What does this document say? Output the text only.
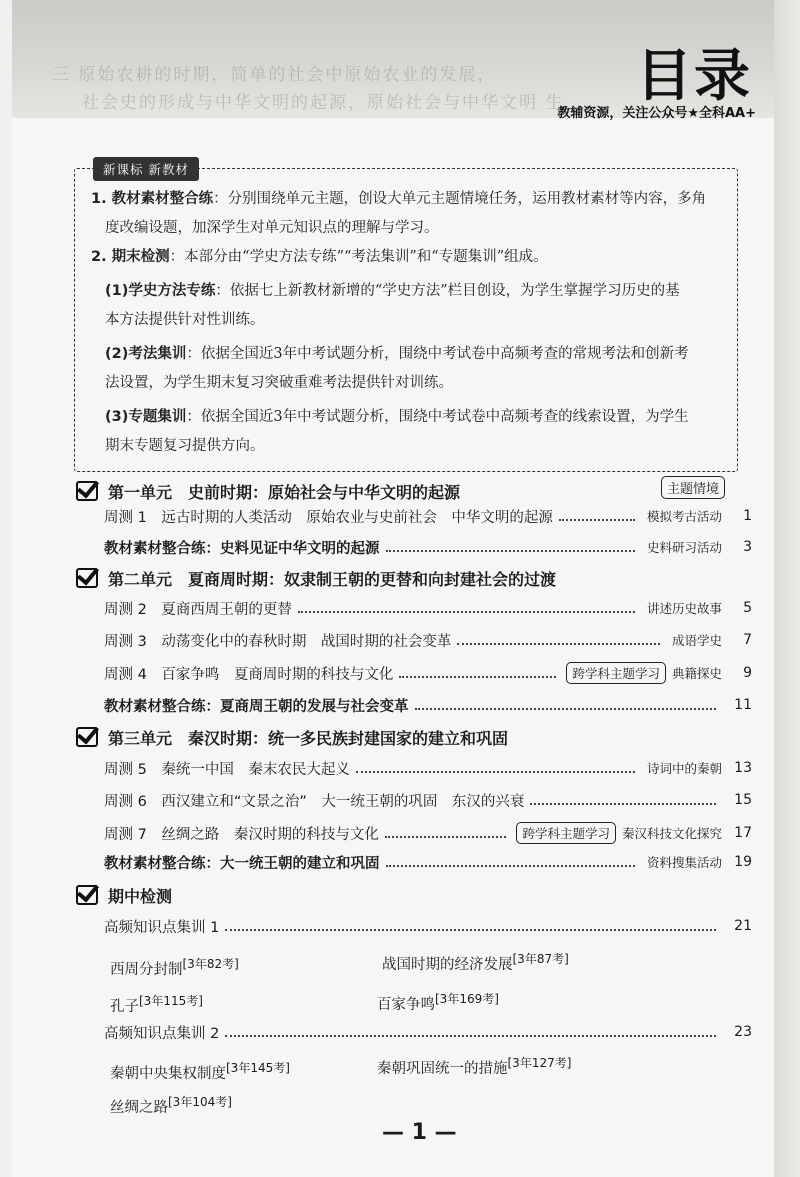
三 原始农耕的时期，简单的社会中原始农业的发展，
社会史的形成与中华文明的起源，原始社会与中华文明 生 目录
教辅资源，关注公众号★全科AA+
新课标 新教材
1. 教材素材整合练：分别围绕单元主题，创设大单元主题情境任务，运用教材素材等内容，多角
度改编设题，加深学生对单元知识点的理解与学习。
2. 期末检测：本部分由“学史方法专练”“考法集训”和“专题集训”组成。
(1)学史方法专练：依据七上新教材新增的“学史方法”栏目创设，为学生掌握学习历史的基
本方法提供针对性训练。
(2)考法集训：依据全国近3年中考试题分析，围绕中考试卷中高频考查的常规考法和创新考
法设置，为学生期末复习突破重难考法提供针对训练。
(3)专题集训：依据全国近3年中考试题分析，围绕中考试卷中高频考查的线索设置，为学生
期末专题复习提供方向。
第一单元　史前时期：原始社会与中华文明的起源	主题情境
周测 1　远古时期的人类活动　原始农业与史前社会　中华文明的起源	模拟考古活动	1
教材素材整合练：史料见证中华文明的起源	史料研习活动	3
第二单元　夏商周时期：奴隶制王朝的更替和向封建社会的过渡
周测 2　夏商西周王朝的更替	讲述历史故事	5
周测 3　动荡变化中的春秋时期　战国时期的社会变革	成语学史	7
周测 4　百家争鸣　夏商周时期的科技与文化	跨学科主题学习 典籍探史	9
教材素材整合练：夏商周王朝的发展与社会变革	11
第三单元　秦汉时期：统一多民族封建国家的建立和巩固
周测 5　秦统一中国　秦末农民大起义	诗词中的秦朝 13
周测 6　西汉建立和“文景之治”　大一统王朝的巩固　东汉的兴衰	15
周测 7　丝绸之路　秦汉时期的科技与文化	跨学科主题学习 秦汉科技文化探究 17
教材素材整合练：大一统王朝的建立和巩固	资料搜集活动 19
期中检测
高频知识点集训 1	21
西周分封制[3年82考]	战国时期的经济发展[3年87考]
孔子[3年115考]	百家争鸣[3年169考]
高频知识点集训 2	23
秦朝中央集权制度[3年145考]	秦朝巩固统一的措施[3年127考]
丝绸之路[3年104考]
— 1 —
